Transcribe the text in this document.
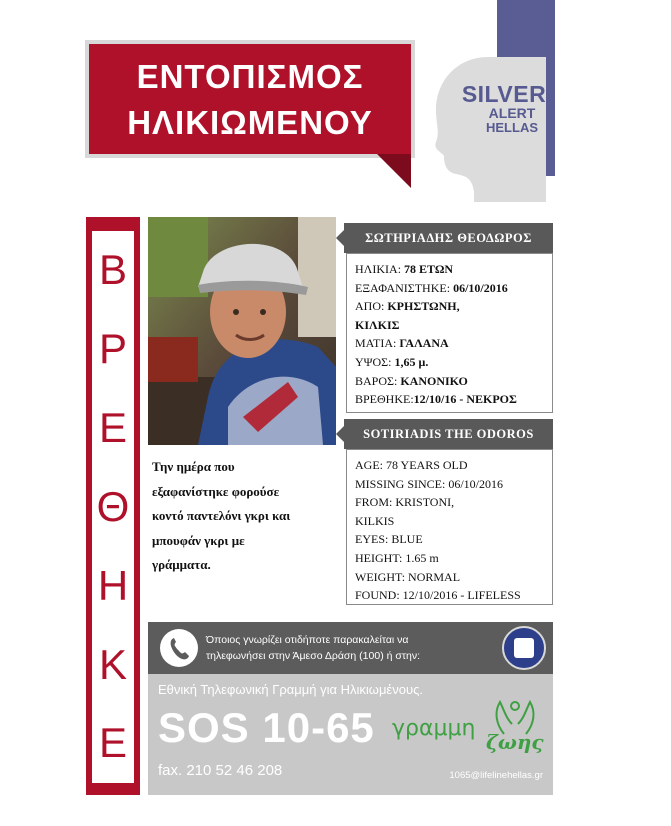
ΕΝΤΟΠΙΣΜΟΣ
ΗΛΙΚΙΩΜΕΝΟΥ
SILVER
ALERT
HELLAS
Β
Ρ
Ε
Θ
Η
Κ
Ε
ΣΩΤΗΡΙΑΔΗΣ ΘΕΟΔΩΡΟΣ
ΗΛΙΚΙΑ: 78 ΕΤΩΝ
ΕΞΑΦΑΝΙΣΤΗΚΕ: 06/10/2016
ΑΠΟ: ΚΡΗΣΤΩΝΗ,
ΚΙΛΚΙΣ
ΜΑΤΙΑ: ΓΑΛΑΝΑ
ΥΨΟΣ: 1,65 μ.
ΒΑΡΟΣ: ΚΑΝΟΝΙΚΟ
ΒΡΕΘΗΚΕ:12/10/16 - ΝΕΚΡΟΣ
SOTIRIADIS THE ODOROS
AGE: 78 YEARS OLD
MISSING SINCE: 06/10/2016
FROM: KRISTONI,
KILKIS
EYES: BLUE
HEIGHT: 1.65 m
WEIGHT: NORMAL
FOUND: 12/10/2016 - LIFELESS
Την ημέρα που
εξαφανίστηκε φορούσε
κοντό παντελόνι γκρι και
μπουφάν γκρι με
γράμματα.
Όποιος γνωρίζει οτιδήποτε παρακαλείται να
τηλεφωνήσει στην Άμεσο Δράση (100) ή στην:
Εθνική Τηλεφωνική Γραμμή για Ηλικιωμένους.
SOS 10-65
fax. 210 52 46 208	1065@lifelinehellas.gr
γραμμη
ζωης
